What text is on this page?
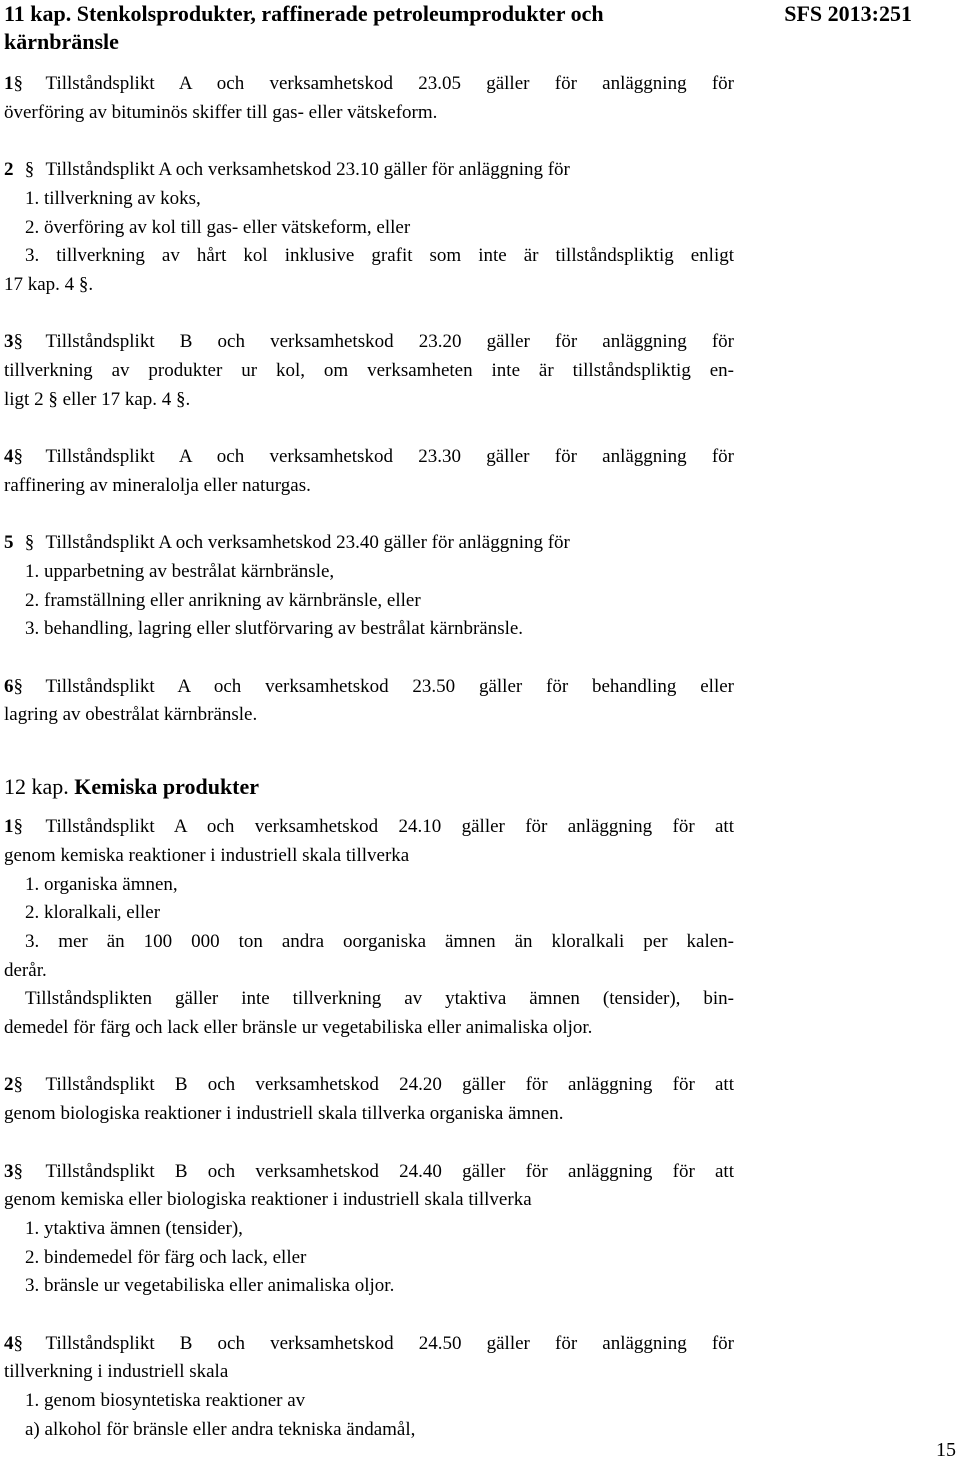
SFS 2013:251

11 kap. Stenkolsprodukter, raffinerade petroleumprodukter och

kärnbränsle

1§ Tillståndsplikt A och verksamhetskod 23.05 gäller för anläggning för

överföring av bituminös skiffer till gas- eller vätskeform.

2 § Tillståndsplikt A och verksamhetskod 23.10 gäller för anläggning för

1. tillverkning av koks,

2. överföring av kol till gas- eller vätskeform, eller

3. tillverkning av hårt kol inklusive grafit som inte är tillståndspliktig enligt

17 kap. 4 §.

3§ Tillståndsplikt B och verksamhetskod 23.20 gäller för anläggning för

tillverkning av produkter ur kol, om verksamheten inte är tillståndspliktig en-

ligt 2 § eller 17 kap. 4 §.

4§ Tillståndsplikt A och verksamhetskod 23.30 gäller för anläggning för

raffinering av mineralolja eller naturgas.

5 § Tillståndsplikt A och verksamhetskod 23.40 gäller för anläggning för

1. upparbetning av bestrålat kärnbränsle,

2. framställning eller anrikning av kärnbränsle, eller

3. behandling, lagring eller slutförvaring av bestrålat kärnbränsle.

6§ Tillståndsplikt A och verksamhetskod 23.50 gäller för behandling eller

lagring av obestrålat kärnbränsle.

12 kap. Kemiska produkter

1§ Tillståndsplikt A och verksamhetskod 24.10 gäller för anläggning för att

genom kemiska reaktioner i industriell skala tillverka

1. organiska ämnen,

2. kloralkali, eller

3. mer än 100 000 ton andra oorganiska ämnen än kloralkali per kalen-

derår.

Tillståndsplikten gäller inte tillverkning av ytaktiva ämnen (tensider), bin-

demedel för färg och lack eller bränsle ur vegetabiliska eller animaliska oljor.

2§ Tillståndsplikt B och verksamhetskod 24.20 gäller för anläggning för att

genom biologiska reaktioner i industriell skala tillverka organiska ämnen.

3§ Tillståndsplikt B och verksamhetskod 24.40 gäller för anläggning för att

genom kemiska eller biologiska reaktioner i industriell skala tillverka

1. ytaktiva ämnen (tensider),

2. bindemedel för färg och lack, eller

3. bränsle ur vegetabiliska eller animaliska oljor.

4§ Tillståndsplikt B och verksamhetskod 24.50 gäller för anläggning för

tillverkning i industriell skala

1. genom biosyntetiska reaktioner av

a) alkohol för bränsle eller andra tekniska ändamål,

15
